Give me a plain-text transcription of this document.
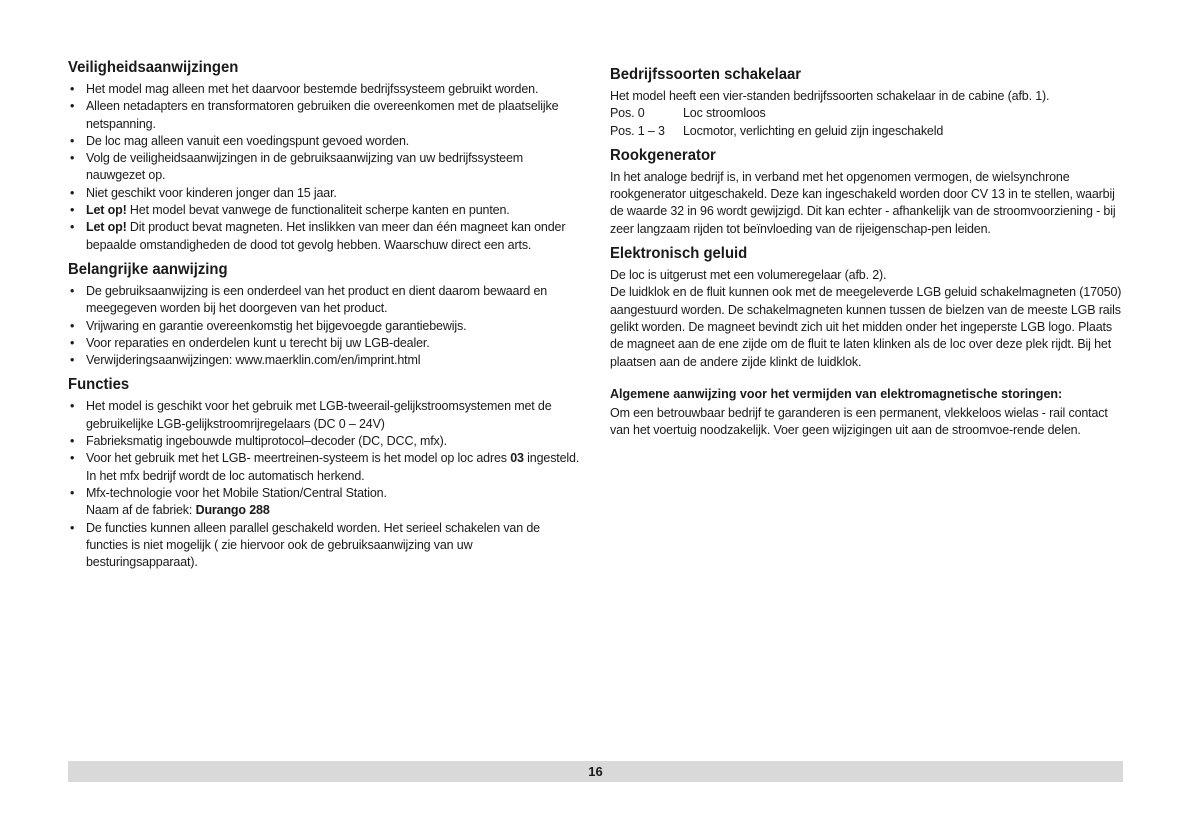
Veiligheidsaanwijzingen
• Het model mag alleen met het daarvoor bestemde bedrijfssysteem gebruikt worden.
• Alleen netadapters en transformatoren gebruiken die overeenkomen met de plaatselijke netspanning.
• De loc mag alleen vanuit een voedingspunt gevoed worden.
• Volg de veiligheidsaanwijzingen in de gebruiksaanwijzing van uw bedrijfssysteem nauwgezet op.
• Niet geschikt voor kinderen jonger dan 15 jaar.
• Let op! Het model bevat vanwege de functionaliteit scherpe kanten en punten.
• Let op! Dit product bevat magneten. Het inslikken van meer dan één magneet kan onder bepaalde omstandigheden de dood tot gevolg hebben. Waarschuw direct een arts.
Belangrijke aanwijzing
• De gebruiksaanwijzing is een onderdeel van het product en dient daarom bewaard en meegegeven worden bij het doorgeven van het product.
• Vrijwaring en garantie overeenkomstig het bijgevoegde garantiebewijs.
• Voor reparaties en onderdelen kunt u terecht bij uw LGB-dealer.
• Verwijderingsaanwijzingen: www.maerklin.com/en/imprint.html
Functies
• Het model is geschikt voor het gebruik met LGB-tweerail-gelijkstroomsystemen met de gebruikelijke LGB-gelijkstroomrijregelaars (DC 0 – 24V)
• Fabrieksmatig ingebouwde multiprotocol–decoder (DC, DCC, mfx).
• Voor het gebruik met het LGB- meertreinen-systeem is het model op loc adres 03 ingesteld. In het mfx bedrijf wordt de loc automatisch herkend.
• Mfx-technologie voor het Mobile Station/Central Station.
Naam af de fabriek: Durango 288
• De functies kunnen alleen parallel geschakeld worden. Het serieel schakelen van de functies is niet mogelijk ( zie hiervoor ook de gebruiksaanwijzing van uw besturingsapparaat).
Bedrijfssoorten schakelaar

Het model heeft een vier-standen bedrijfssoorten schakelaar in de cabine (afb. 1).

Pos. 0	Loc stroomloos
Pos. 1 – 3	Locmotor, verlichting en geluid zijn ingeschakeld
Rookgenerator

In het analoge bedrijf is, in verband met het opgenomen vermogen, de wielsynchrone rookgenerator uitgeschakeld. Deze kan ingeschakeld worden door CV 13 in te stellen, waarbij de waarde 32 in 96 wordt gewijzigd. Dit kan echter - afhankelijk van de stroomvoorziening - bij zeer langzaam rijden tot beïnvloeding van de rijeigenschap-pen leiden.

Elektronisch geluid

De loc is uitgerust met een volumeregelaar (afb. 2).

De luidklok en de fluit kunnen ook met de meegeleverde LGB geluid schakelmagneten (17050) aangestuurd worden. De schakelmagneten kunnen tussen de bielzen van de meeste LGB rails gelikt worden. De magneet bevindt zich uit het midden onder het ingeperste LGB logo. Plaats de magneet aan de ene zijde om de fluit te laten klinken als de loc over deze plek rijdt. Bij het plaatsen aan de andere zijde klinkt de luidklok.

Algemene aanwijzing voor het vermijden van elektromagnetische storingen:

Om een betrouwbaar bedrijf te garanderen is een permanent, vlekkeloos wielas - rail contact van het voertuig noodzakelijk. Voer geen wijzigingen uit aan de stroomvoe-rende delen.

16
